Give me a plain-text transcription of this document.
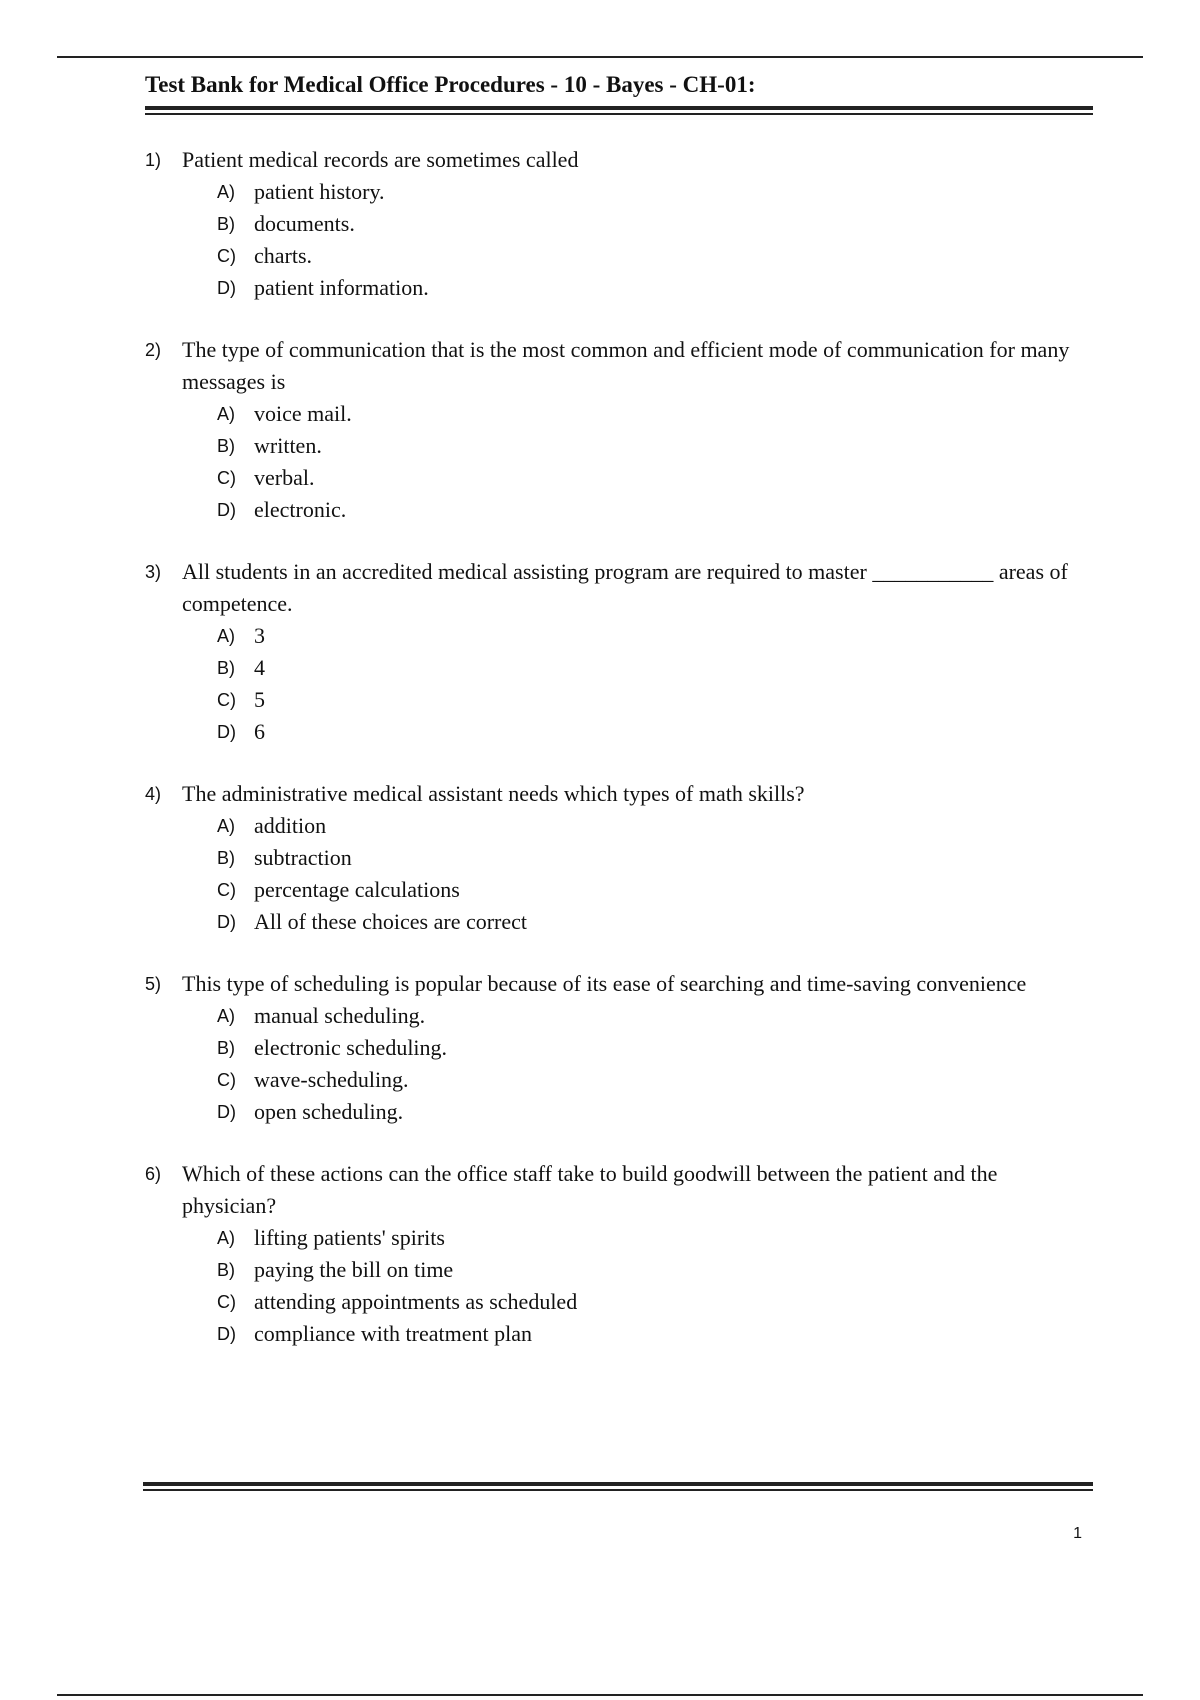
Test Bank for Medical Office Procedures - 10 - Bayes - CH-01:
1) Patient medical records are sometimes called
A) patient history.
B) documents.
C) charts.
D) patient information.
2) The type of communication that is the most common and efficient mode of communication for many messages is
A) voice mail.
B) written.
C) verbal.
D) electronic.
3) All students in an accredited medical assisting program are required to master ___________ areas of competence.
A) 3
B) 4
C) 5
D) 6
4) The administrative medical assistant needs which types of math skills?
A) addition
B) subtraction
C) percentage calculations
D) All of these choices are correct
5) This type of scheduling is popular because of its ease of searching and time-saving convenience
A) manual scheduling.
B) electronic scheduling.
C) wave-scheduling.
D) open scheduling.
6) Which of these actions can the office staff take to build goodwill between the patient and the physician?
A) lifting patients' spirits
B) paying the bill on time
C) attending appointments as scheduled
D) compliance with treatment plan
1
